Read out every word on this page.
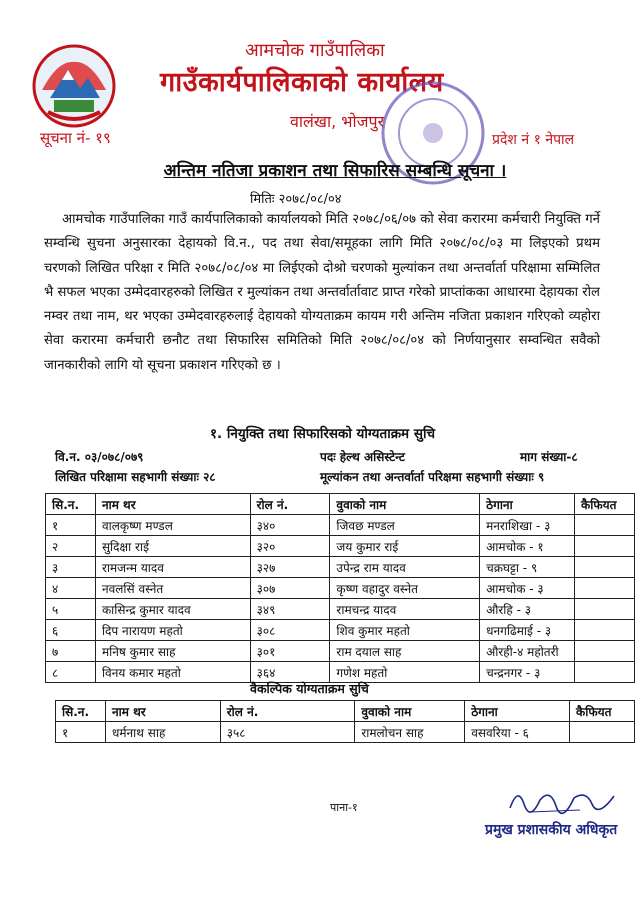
आमचोक गाउँपालिका
गाउँकार्यपालिकाको कार्यालय
वालंखा, भोजपुर
सूचना नं- १९	प्रदेश नं १ नेपाल
अन्तिम नतिजा प्रकाशन तथा सिफारिस सम्बन्धि सूचना ।
मितिः २०७८/०८/०४

आमचोक गाउँपालिका गाउँ कार्यपालिकाको कार्यालयको मिति २०७८/०६/०७ को सेवा करारमा कर्मचारी नियुक्ति गर्ने सम्वन्धि सुचना अनुसारका देहायको वि.न., पद तथा सेवा/समूहका लागि मिति २०७८/०८/०३ मा लिइएको प्रथम चरणको लिखित परिक्षा र मिति २०७८/०८/०४ मा लिईएको दोश्रो चरणको मुल्यांकन तथा अन्तर्वार्ता परिक्षामा सम्मिलित भै सफल भएका उम्मेदवारहरुको लिखित र मुल्यांकन तथा अन्तर्वार्तावाट प्राप्त गरेको प्राप्तांकका आधारमा देहायका रोल नम्वर तथा नाम, थर भएका उम्मेदवारहरुलाई देहायको योग्यताक्रम कायम गरी अन्तिम नजिता प्रकाशन गरिएको व्यहोरा सेवा करारमा कर्मचारी छनौट तथा सिफारिस समितिको मिति २०७८/०८/०४ को निर्णयानुसार सम्वन्धित सवैको जानकारीको लागि यो सूचना प्रकाशन गरिएको छ ।

१. नियुक्ति तथा सिफारिसको योग्यताक्रम सुचि
वि.न. ०३/०७८/०७९	पदः हेल्थ असिस्टेन्ट	माग संख्या-८
लिखित परिक्षामा सहभागी संख्याः २८	मूल्यांकन तथा अन्तर्वार्ता परिक्षमा सहभागी संख्याः ९
सि.न.	नाम थर	रोल नं.	वुवाको नाम	ठेगाना	कैफियत
१	वालकृष्ण मण्डल	३४०	जिवछ मण्डल	मनराशिखा - ३	
२	सुदिक्षा राई	३२०	जय कुमार राई	आमचोक - १	
३	रामजन्म यादव	३२७	उपेन्द्र राम यादव	चक्रघट्टा - ९	
४	नवलसिं वस्नेत	३०७	कृष्ण वहादुर वस्नेत	आमचोक - ३	
५	कासिन्द्र कुमार यादव	३४९	रामचन्द्र यादव	औरहि - ३	
६	दिप नारायण महतो	३०८	शिव कुमार महतो	धनगढिमाई - ३	
७	मनिष कुमार साह	३०१	राम दयाल साह	औरही-४ महोतरी	
८	विनय कमार महतो	३६४	गणेश महतो	चन्द्रनगर - ३	
वैकल्पिक योग्यताक्रम सुचि
सि.न.	नाम थर	रोल नं.	वुवाको नाम	ठेगाना	कैफियत
१	धर्मनाथ साह	३५८	रामलोचन साह	वसवरिया - ६	
पाना-१
प्रमुख प्रशासकीय अधिकृत
